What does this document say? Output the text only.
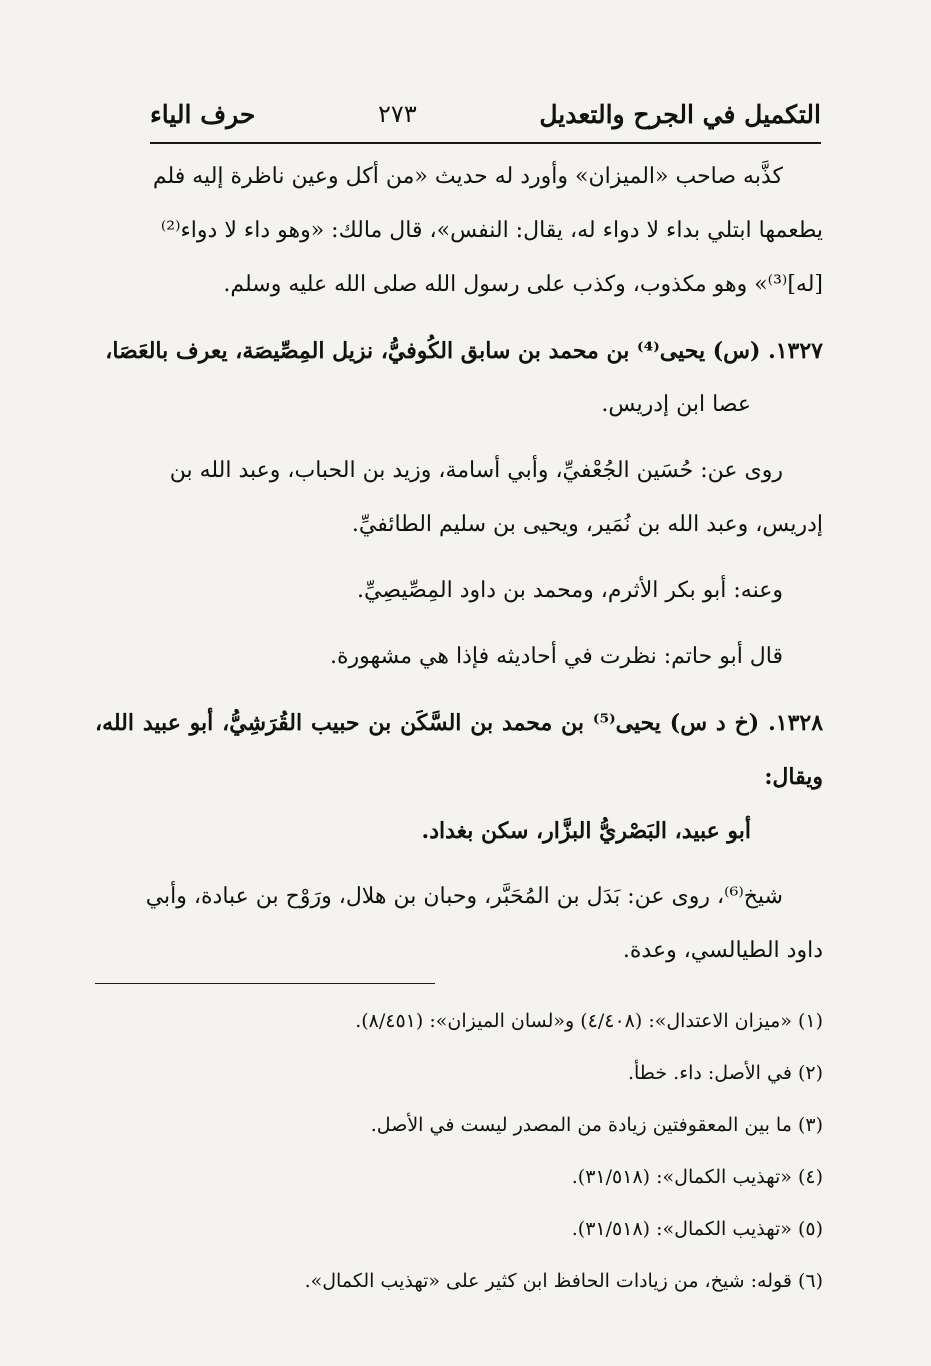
التكميل في الجرح والتعديل
٢٧٣
حرف الياء

كذَّبه صاحب «الميزان» وأورد له حديث «من أكل وعين ناظرة إليه فلم

يطعمها ابتلي بداء لا دواء له، يقال: النفس»، قال مالك: «وهو داء لا دواء⁽²⁾

[له]⁽³⁾» وهو مكذوب، وكذب على رسول الله صلى الله عليه وسلم.

١٣٢٧. (س) يحيى⁽⁴⁾ بن محمد بن سابق الكُوفيُّ، نزيل المِصِّيصَة، يعرف بالعَصَا،

عصا ابن إدريس.

روى عن: حُسَين الجُعْفيِّ، وأبي أسامة، وزيد بن الحباب، وعبد الله بن

إدريس، وعبد الله بن نُمَير، ويحيى بن سليم الطائفيِّ.

وعنه: أبو بكر الأثرم، ومحمد بن داود المِصِّيصِيِّ.

قال أبو حاتم: نظرت في أحاديثه فإذا هي مشهورة.

١٣٢٨. (خ د س) يحيى⁽⁵⁾ بن محمد بن السَّكَن بن حبيب القُرَشِيُّ، أبو عبيد الله، ويقال:

أبو عبيد، البَصْريُّ البزَّار، سكن بغداد.

شيخ⁽⁶⁾، روى عن: بَدَل بن المُحَبَّر، وحبان بن هلال، ورَوْح بن عبادة، وأبي

داود الطيالسي، وعدة.

(١) «ميزان الاعتدال»: (٤/٤٠٨) و«لسان الميزان»: (٨/٤٥١).

(٢) في الأصل: داء. خطأ.

(٣) ما بين المعقوفتين زيادة من المصدر ليست في الأصل.

(٤) «تهذيب الكمال»: (٣١/٥١٨).

(٥) «تهذيب الكمال»: (٣١/٥١٨).

(٦) قوله: شيخ، من زيادات الحافظ ابن كثير على «تهذيب الكمال».
